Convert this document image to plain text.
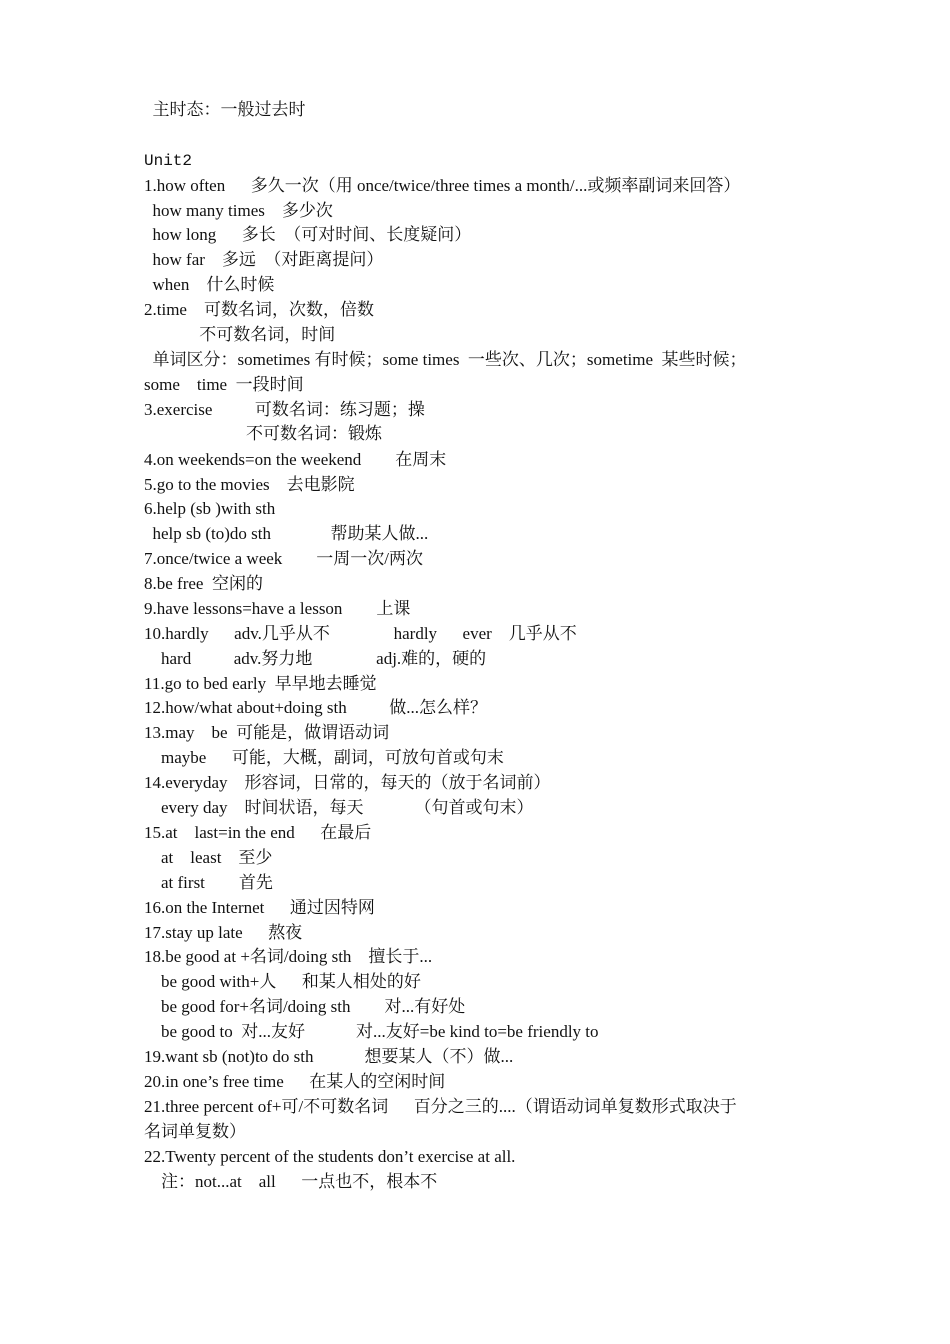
主时态：一般过去时
Unit2
1.how often      多久一次（用 once/twice/three times a month/...或频率副词来回答）
how many times    多少次
how long      多长  （可对时间、长度疑问）
how far    多远  （对距离提问）
when    什么时候
2.time    可数名词，次数，倍数
不可数名词，时间
单词区分：sometimes 有时候；some times  一些次、几次；sometime  某些时候；
some    time  一段时间
3.exercise          可数名词：练习题；操
不可数名词：锻炼
4.on weekends=on the weekend        在周末
5.go to the movies    去电影院
6.help (sb )with sth
help sb (to)do sth              帮助某人做...
7.once/twice a week        一周一次/两次
8.be free  空闲的
9.have lessons=have a lesson        上课
10.hardly      adv.几乎从不               hardly      ever    几乎从不
hard          adv.努力地               adj.难的，硬的
11.go to bed early  早早地去睡觉
12.how/what about+doing sth          做...怎么样？
13.may    be  可能是，做谓语动词
maybe      可能，大概，副词，可放句首或句末
14.everyday    形容词，日常的，每天的（放于名词前）
every day    时间状语，每天            （句首或句末）
15.at    last=in the end      在最后
at    least    至少
at first        首先
16.on the Internet      通过因特网
17.stay up late      熬夜
18.be good at +名词/doing sth    擅长于...
be good with+人      和某人相处的好
be good for+名词/doing sth        对...有好处
be good to  对...友好            对...友好=be kind to=be friendly to
19.want sb (not)to do sth            想要某人（不）做...
20.in one’s free time      在某人的空闲时间
21.three percent of+可/不可数名词      百分之三的....（谓语动词单复数形式取决于
名词单复数）
22.Twenty percent of the students don’t exercise at all.
注：not...at    all      一点也不，根本不
